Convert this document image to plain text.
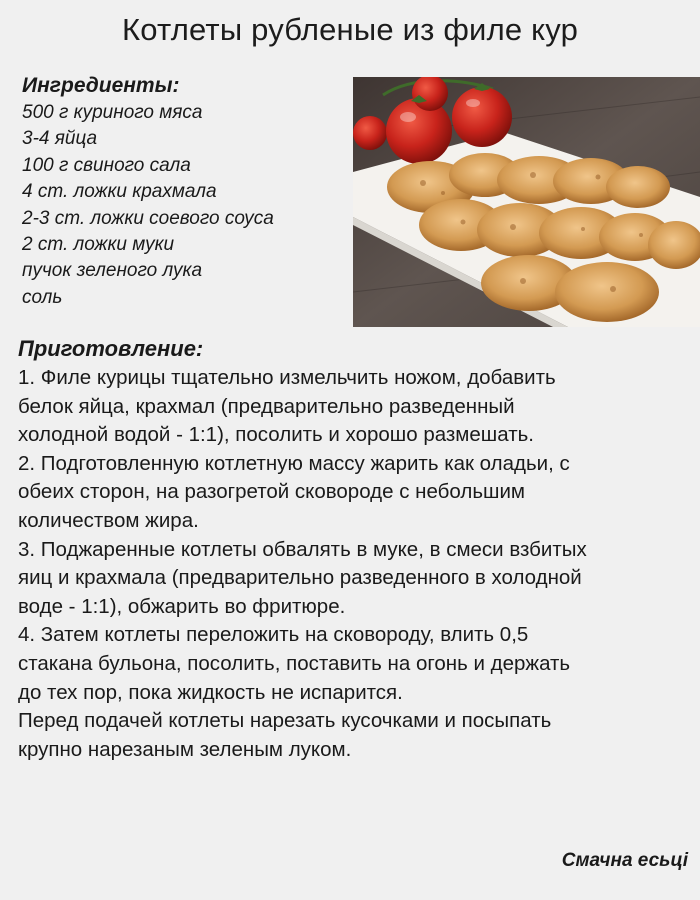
Котлеты рубленые из филе кур
Ингредиенты:
500 г куриного мяса
3-4 яйца
100 г свиного сала
4 ст. ложки крахмала
2-3 ст. ложки соевого соуса
2 ст. ложки муки
пучок зеленого лука
соль
Приготовление:

1. Филе курицы тщательно измельчить ножом, добавить

белок яйца, крахмал (предварительно разведенный

холодной водой - 1:1), посолить и хорошо размешать.

2. Подготовленную котлетную массу жарить как оладьи, с

обеих сторон, на разогретой сковороде с небольшим

количеством жира.

3. Поджаренные котлеты обвалять в муке, в смеси взбитых

яиц и крахмала (предварительно разведенного в холодной

воде - 1:1), обжарить во фритюре.

4. Затем котлеты переложить на сковороду, влить 0,5

стакана бульона, посолить, поставить на огонь и держать

до тех пор, пока жидкость не испарится.

Перед подачей котлеты нарезать кусочками и посыпать

крупно нарезаным зеленым луком.

Смачна есьці
